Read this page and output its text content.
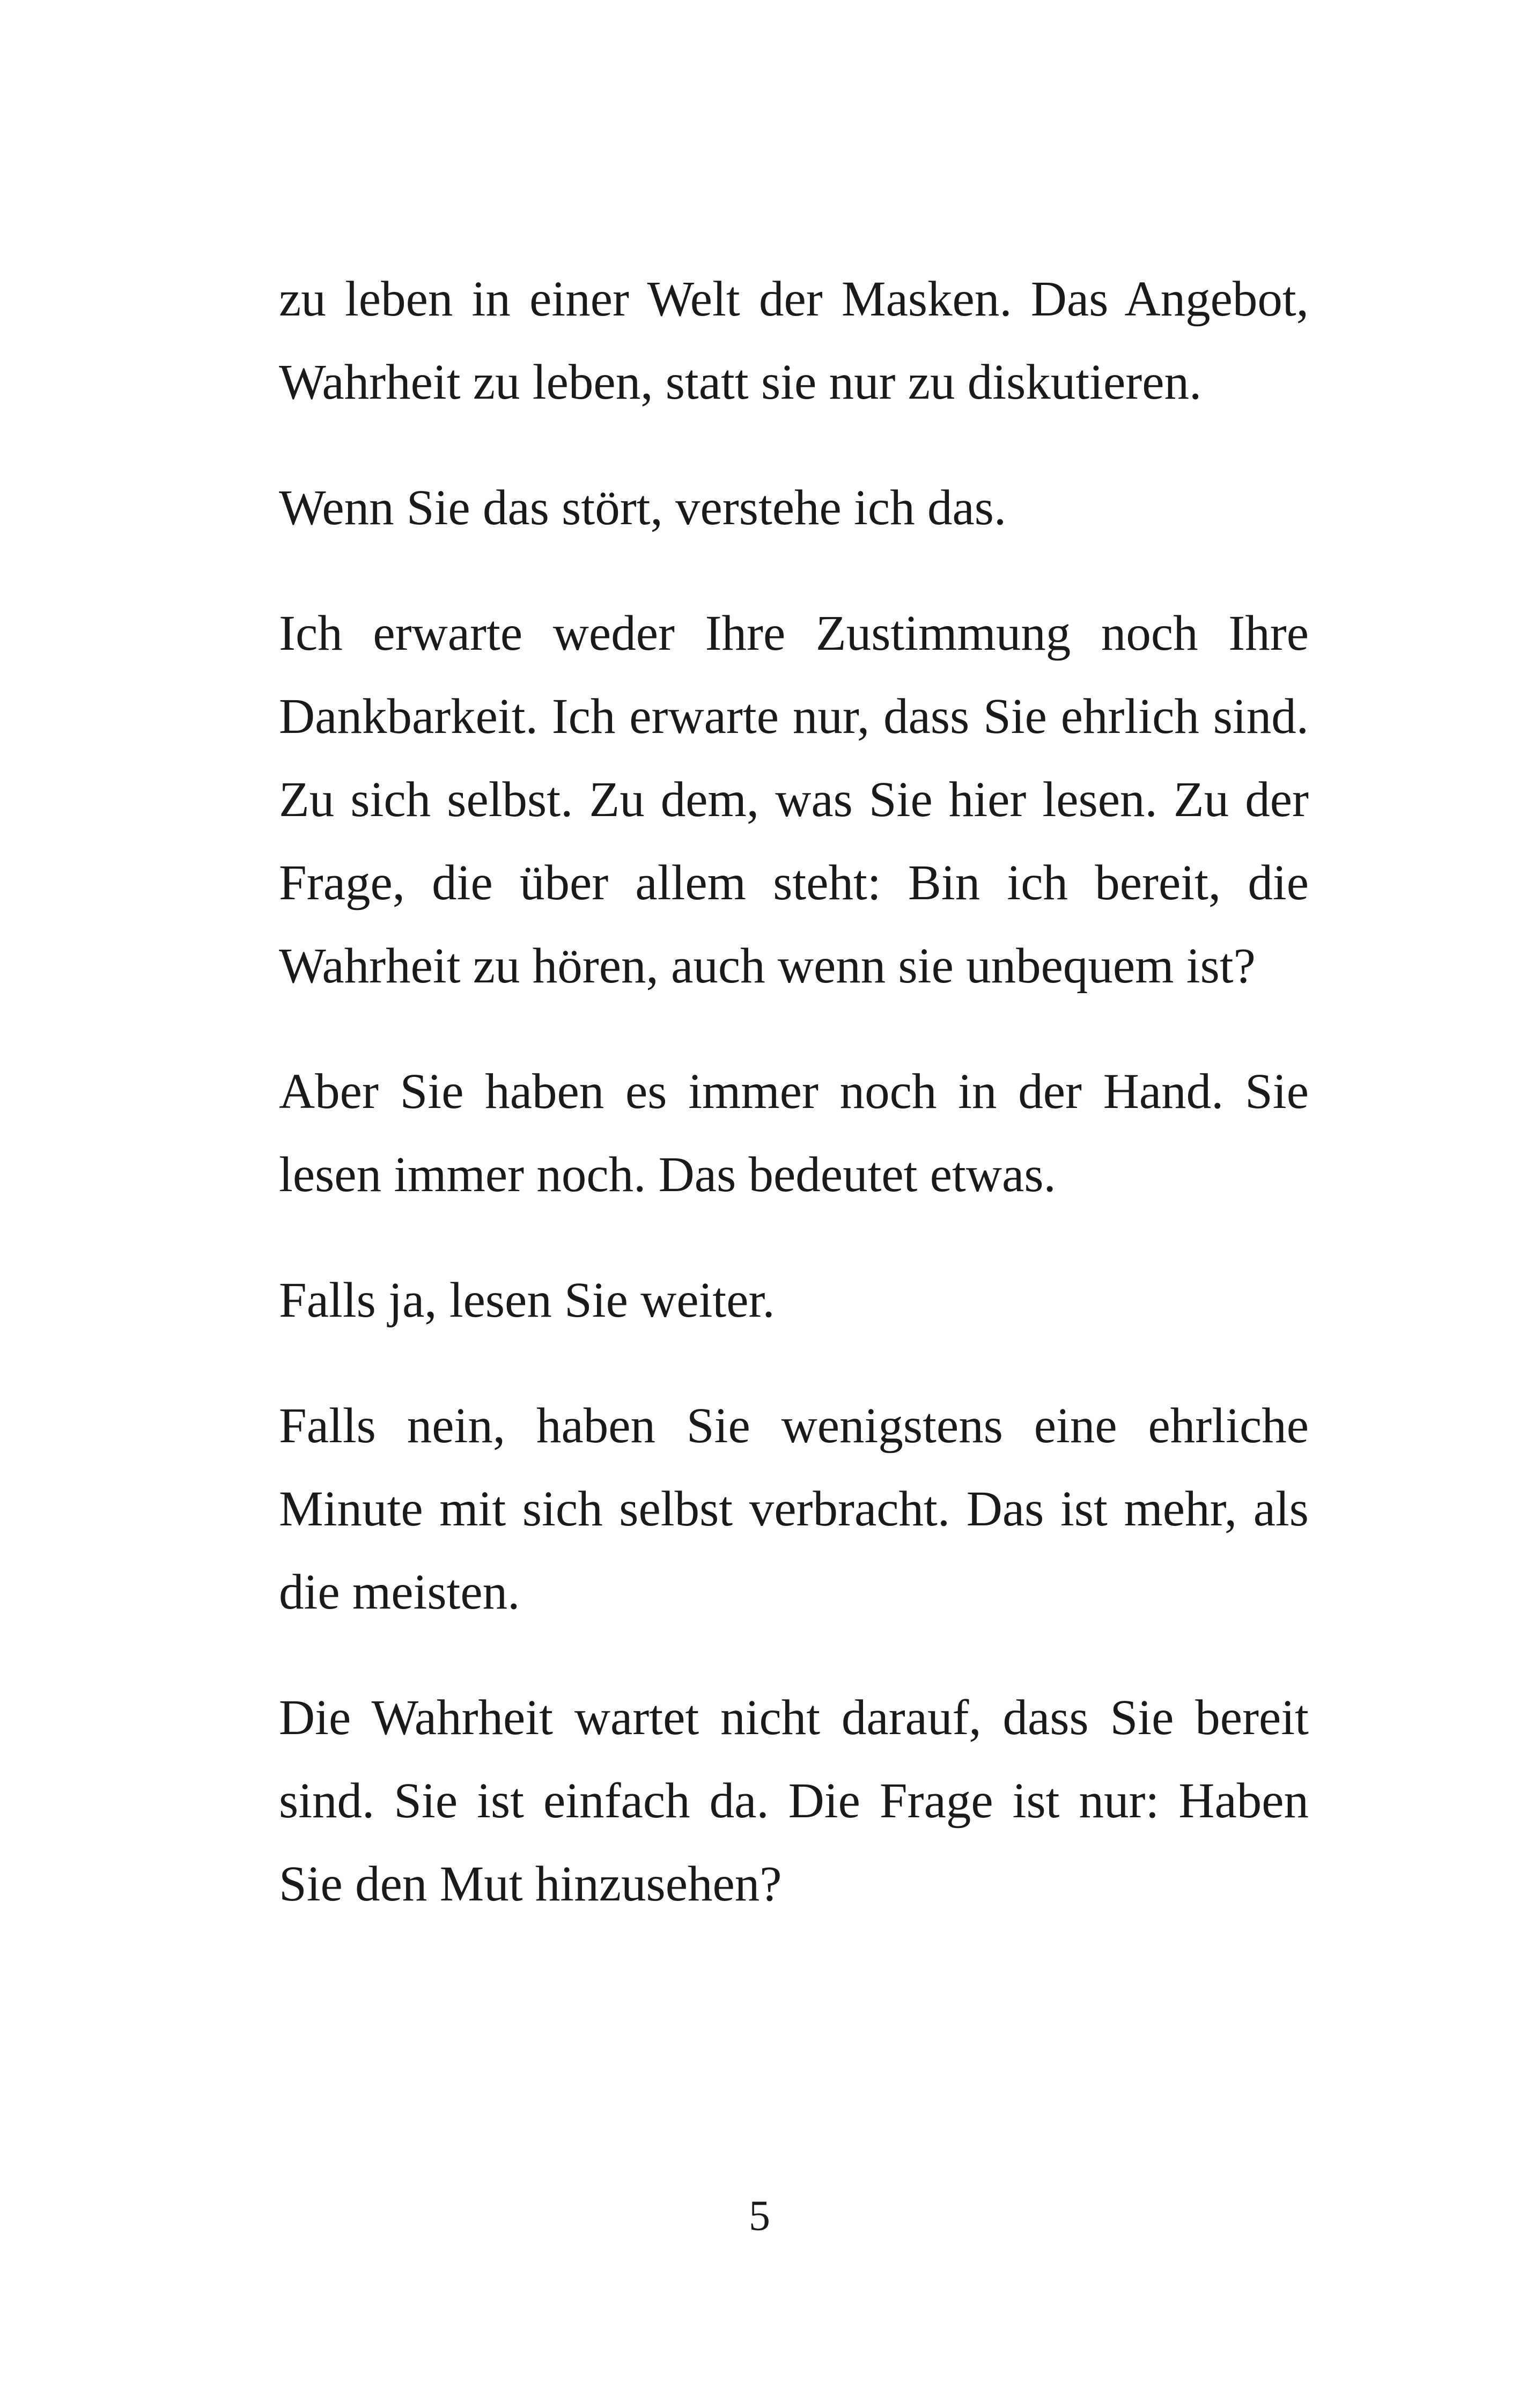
zu leben in einer Welt der Masken. Das Angebot, Wahrheit zu leben, statt sie nur zu diskutieren.

Wenn Sie das stört, verstehe ich das.

Ich erwarte weder Ihre Zustimmung noch Ihre Dankbarkeit. Ich erwarte nur, dass Sie ehrlich sind. Zu sich selbst. Zu dem, was Sie hier lesen. Zu der Frage, die über allem steht: Bin ich bereit, die Wahrheit zu hören, auch wenn sie unbequem ist?

Aber Sie haben es immer noch in der Hand. Sie lesen immer noch. Das bedeutet etwas.

Falls ja, lesen Sie weiter.

Falls nein, haben Sie wenigstens eine ehrliche Minute mit sich selbst verbracht. Das ist mehr, als die meisten.

Die Wahrheit wartet nicht darauf, dass Sie bereit sind. Sie ist einfach da. Die Frage ist nur: Haben Sie den Mut hinzusehen?

5
